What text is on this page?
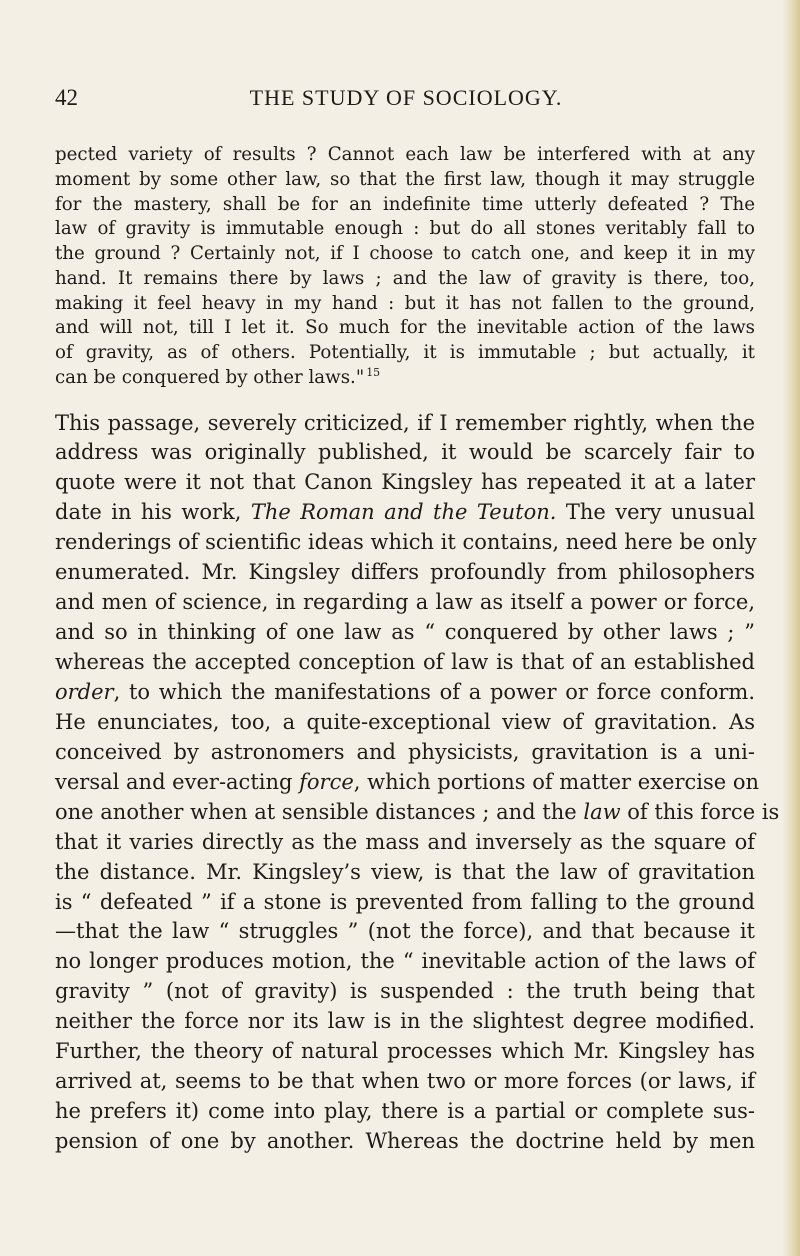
42	THE STUDY OF SOCIOLOGY.
pected variety of results ? Cannot each law be interfered with at any
moment by some other law, so that the first law, though it may struggle
for the mastery, shall be for an indefinite time utterly defeated ? The
law of gravity is immutable enough : but do all stones veritably fall to
the ground ? Certainly not, if I choose to catch one, and keep it in my
hand. It remains there by laws ; and the law of gravity is there, too,
making it feel heavy in my hand : but it has not fallen to the ground,
and will not, till I let it. So much for the inevitable action of the laws
of gravity, as of others. Potentially, it is immutable ; but actually, it
can be conquered by other laws." $^{15}$
This passage, severely criticized, if I remember rightly, when the
address was originally published, it would be scarcely fair to
quote were it not that Canon Kingsley has repeated it at a later
date in his work, The Roman and the Teuton. The very unusual
renderings of scientific ideas which it contains, need here be only
enumerated. Mr. Kingsley differs profoundly from philosophers
and men of science, in regarding a law as itself a power or force,
and so in thinking of one law as “ conquered by other laws ; ”
whereas the accepted conception of law is that of an established
order, to which the manifestations of a power or force conform.
He enunciates, too, a quite-exceptional view of gravitation. As
conceived by astronomers and physicists, gravitation is a uni-
versal and ever-acting force, which portions of matter exercise on
one another when at sensible distances ; and the law of this force is
that it varies directly as the mass and inversely as the square of
the distance. Mr. Kingsley’s view, is that the law of gravitation
is “ defeated ” if a stone is prevented from falling to the ground
—that the law “ struggles ” (not the force), and that because it
no longer produces motion, the “ inevitable action of the laws of
gravity ” (not of gravity) is suspended : the truth being that
neither the force nor its law is in the slightest degree modified.
Further, the theory of natural processes which Mr. Kingsley has
arrived at, seems to be that when two or more forces (or laws, if
he prefers it) come into play, there is a partial or complete sus-
pension of one by another. Whereas the doctrine held by men
